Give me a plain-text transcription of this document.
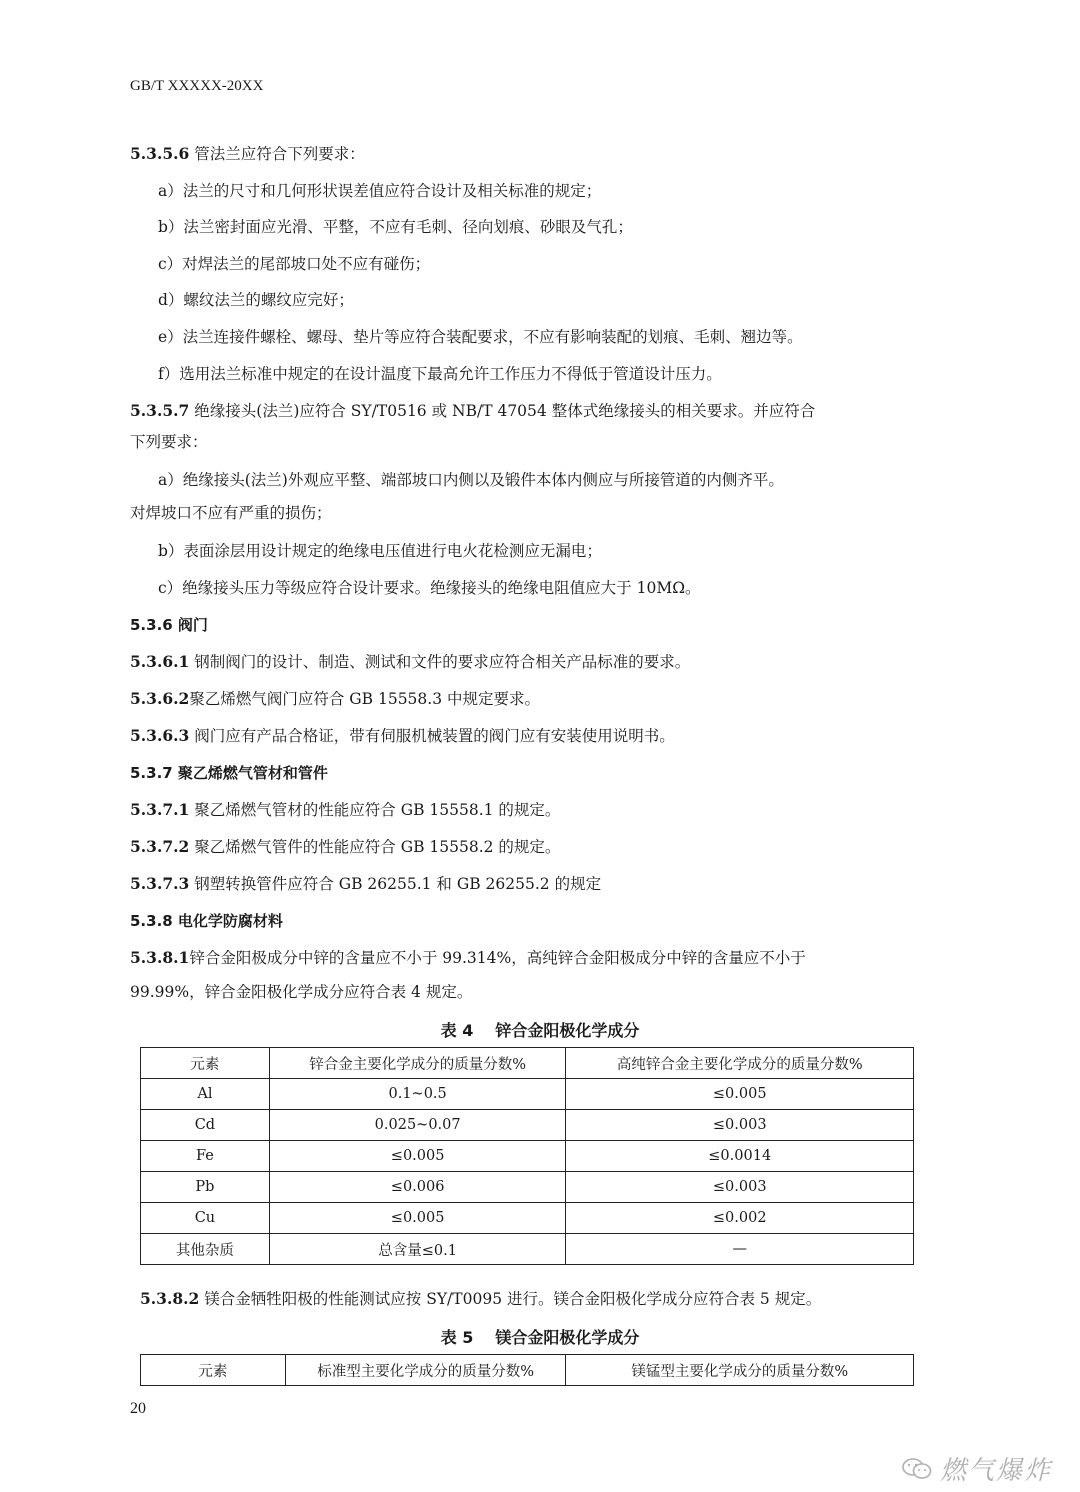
GB/T XXXXX-20XX
5.3.5.6 管法兰应符合下列要求：
a）法兰的尺寸和几何形状误差值应符合设计及相关标准的规定；
b）法兰密封面应光滑、平整，不应有毛刺、径向划痕、砂眼及气孔；
c）对焊法兰的尾部坡口处不应有碰伤；
d）螺纹法兰的螺纹应完好；
e）法兰连接件螺栓、螺母、垫片等应符合装配要求，不应有影响装配的划痕、毛刺、翘边等。
f）选用法兰标准中规定的在设计温度下最高允许工作压力不得低于管道设计压力。
5.3.5.7 绝缘接头(法兰)应符合 SY/T0516 或 NB/T 47054 整体式绝缘接头的相关要求。并应符合
下列要求：
a）绝缘接头(法兰)外观应平整、端部坡口内侧以及锻件本体内侧应与所接管道的内侧齐平。
对焊坡口不应有严重的损伤；
b）表面涂层用设计规定的绝缘电压值进行电火花检测应无漏电；
c）绝缘接头压力等级应符合设计要求。绝缘接头的绝缘电阻值应大于 10MΩ。
5.3.6 阀门
5.3.6.1 钢制阀门的设计、制造、测试和文件的要求应符合相关产品标准的要求。
5.3.6.2聚乙烯燃气阀门应符合 GB 15558.3 中规定要求。
5.3.6.3 阀门应有产品合格证，带有伺服机械装置的阀门应有安装使用说明书。
5.3.7 聚乙烯燃气管材和管件
5.3.7.1 聚乙烯燃气管材的性能应符合 GB 15558.1 的规定。
5.3.7.2 聚乙烯燃气管件的性能应符合 GB 15558.2 的规定。
5.3.7.3 钢塑转换管件应符合 GB 26255.1 和 GB 26255.2 的规定
5.3.8 电化学防腐材料
5.3.8.1锌合金阳极成分中锌的含量应不小于 99.314%，高纯锌合金阳极成分中锌的含量应不小于
99.99%，锌合金阳极化学成分应符合表 4 规定。
表 4 锌合金阳极化学成分
元素	锌合金主要化学成分的质量分数%	高纯锌合金主要化学成分的质量分数%
Al	0.1~0.5	≤0.005
Cd	0.025~0.07	≤0.003
Fe	≤0.005	≤0.0014
Pb	≤0.006	≤0.003
Cu	≤0.005	≤0.002
其他杂质	总含量≤0.1	—
5.3.8.2 镁合金牺牲阳极的性能测试应按 SY/T0095 进行。镁合金阳极化学成分应符合表 5 规定。
表 5 镁合金阳极化学成分
元素	标准型主要化学成分的质量分数%	镁锰型主要化学成分的质量分数%
20
燃气爆炸
